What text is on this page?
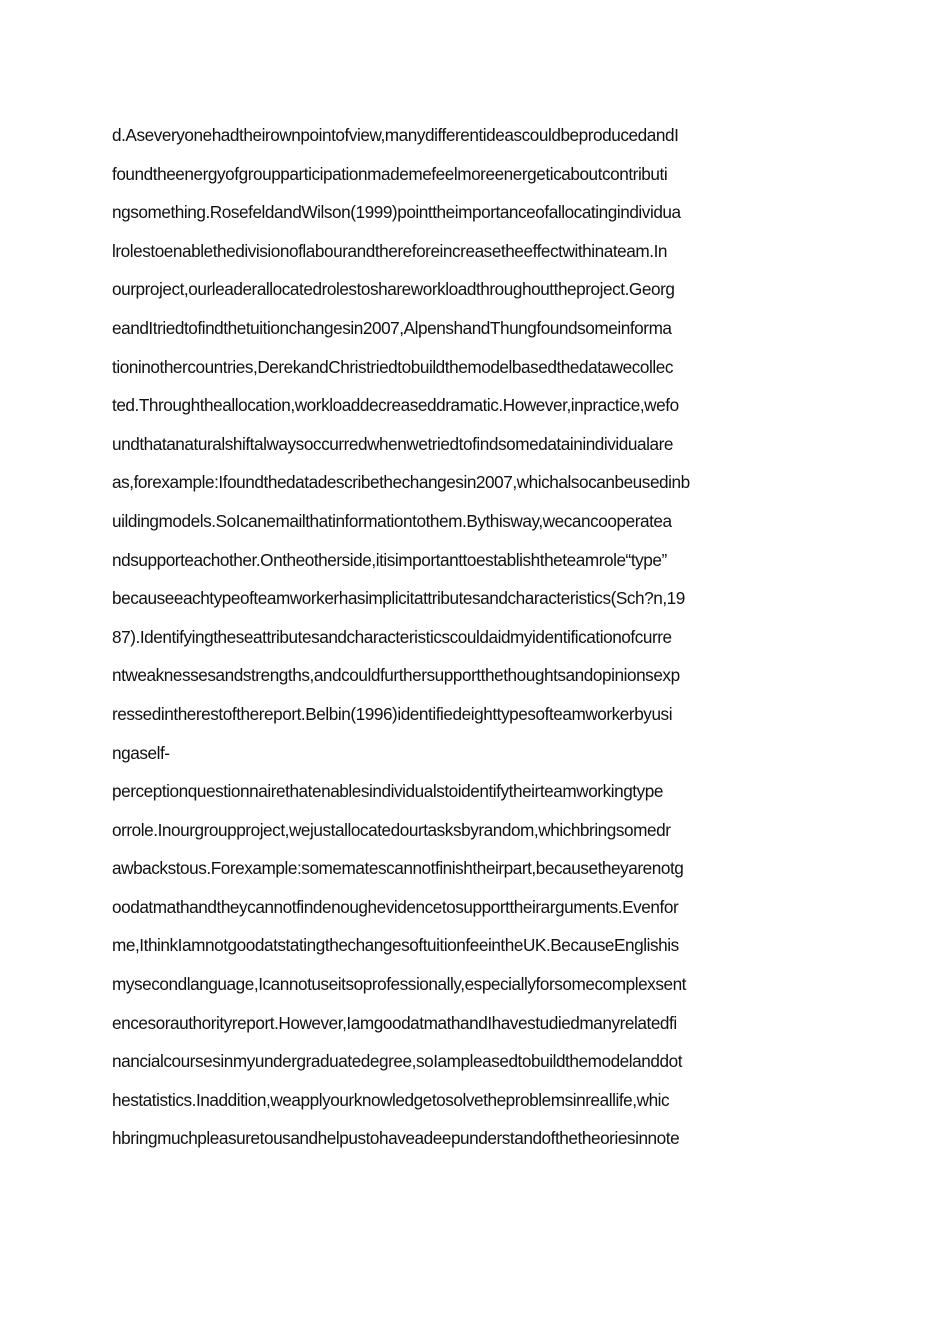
d.Aseveryonehadtheirownpointofview,manydifferentideascouldbeproducedandI
foundtheenergyofgroupparticipationmademefeelmoreenergeticaboutcontributi
ngsomething.RosefeldandWilson(1999)pointtheimportanceofallocatingindividua
lrolestoenablethedivisionoflabourandthereforeincreasetheeffectwithinateam.In
ourproject,ourleaderallocatedrolestoshareworkloadthroughouttheproject.Georg
eandItriedtofindthetuitionchangesin2007,AlpenshandThungfoundsomeinforma
tioninothercountries,DerekandChristriedtobuildthemodelbasedthedatawecollec
ted.Throughtheallocation,workloaddecreaseddramatic.However,inpractice,wefo
undthatanaturalshiftalwaysoccurredwhenwetriedtofindsomedatainindividualare
as,forexample:Ifoundthedatadescribethechangesin2007,whichalsocanbeusedinb
uildingmodels.SoIcanemailthatinformationtothem.Bythisway,wecancooperatea
ndsupporteachother.Ontheotherside,itisimportanttoestablishtheteamrole“type”
becauseeachtypeofteamworkerhasimplicitattributesandcharacteristics(Sch?n,19
87).Identifyingtheseattributesandcharacteristicscouldaidmyidentificationofcurre
ntweaknessesandstrengths,andcouldfurthersupportthethoughtsandopinionsexp
ressedintherestofthereport.Belbin(1996)identifiedeighttypesofteamworkerbyusi
ngaself-
perceptionquestionnairethatenablesindividualstoidentifytheirteamworkingtype
orrole.Inourgroupproject,wejustallocatedourtasksbyrandom,whichbringsomedr
awbackstous.Forexample:somematescannotfinishtheirpart,becausetheyarenotg
oodatmathandtheycannotfindenoughevidencetosupporttheirarguments.Evenfor
me,IthinkIamnotgoodatstatingthechangesoftuitionfeeintheUK.BecauseEnglishis
mysecondlanguage,Icannotuseitsoprofessionally,especiallyforsomecomplexsent
encesorauthorityreport.However,IamgoodatmathandIhavestudiedmanyrelatedfi
nancialcoursesinmyundergraduatedegree,soIampleasedtobuildthemodelanddot
hestatistics.Inaddition,weapplyourknowledgetosolvetheproblemsinreallife,whic
hbringmuchpleasuretousandhelpustohaveadeepunderstandofthetheoriesinnote
